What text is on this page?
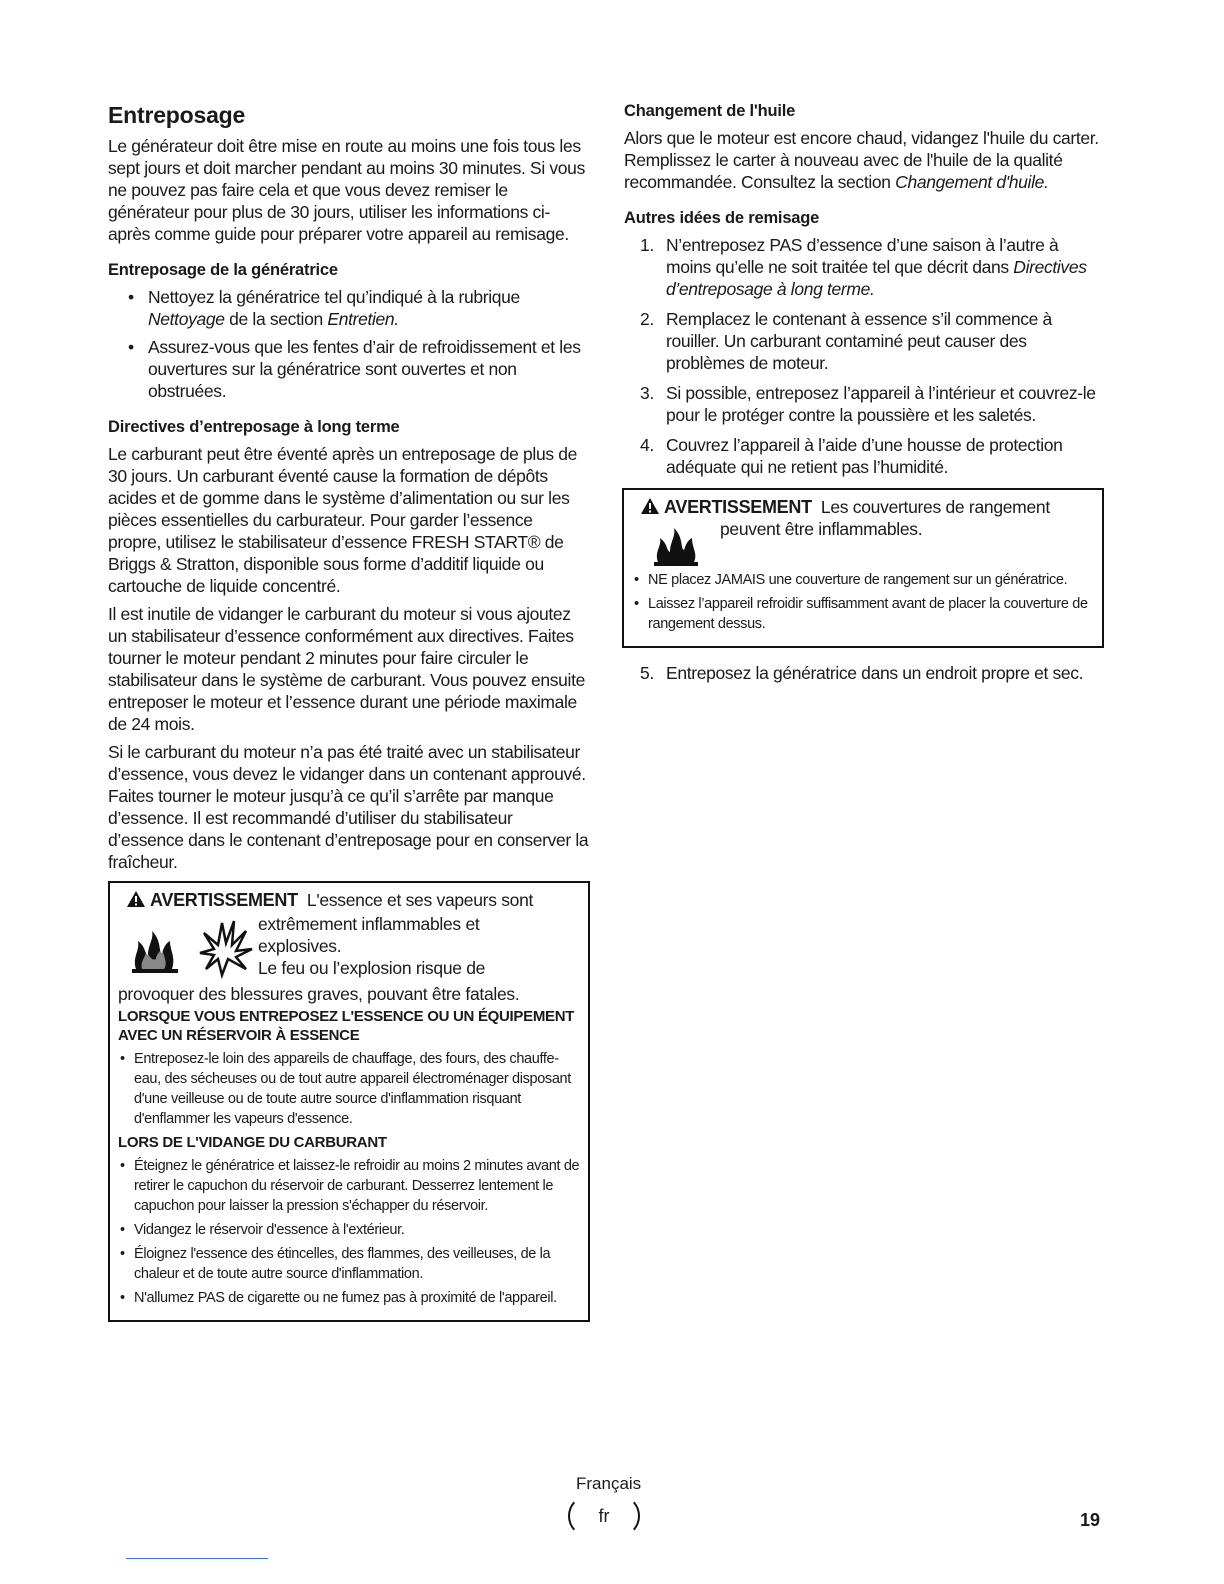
Entreposage

Le générateur doit être mise en route au moins une fois tous les sept jours et doit marcher pendant au moins 30 minutes. Si vous ne pouvez pas faire cela et que vous devez remiser le générateur pour plus de 30 jours, utiliser les informations ci-après comme guide pour préparer votre appareil au remisage.

Entreposage de la génératrice
• Nettoyez la génératrice tel qu’indiqué à la rubrique Nettoyage de la section Entretien.
• Assurez-vous que les fentes d’air de refroidissement et les ouvertures sur la génératrice sont ouvertes et non obstruées.
Directives d’entreposage à long terme

Le carburant peut être éventé après un entreposage de plus de 30 jours. Un carburant éventé cause la formation de dépôts acides et de gomme dans le système d’alimentation ou sur les pièces essentielles du carburateur. Pour garder l’essence propre, utilisez le stabilisateur d’essence FRESH START® de Briggs & Stratton, disponible sous forme d’additif liquide ou cartouche de liquide concentré.

Il est inutile de vidanger le carburant du moteur si vous ajoutez un stabilisateur d’essence conformément aux directives. Faites tourner le moteur pendant 2 minutes pour faire circuler le stabilisateur dans le système de carburant. Vous pouvez ensuite entreposer le moteur et l’essence durant une période maximale de 24 mois.

Si le carburant du moteur n’a pas été traité avec un stabilisateur d’essence, vous devez le vidanger dans un contenant approuvé. Faites tourner le moteur jusqu’à ce qu’il s’arrête par manque d’essence. Il est recommandé d’utiliser du stabilisateur d’essence dans le contenant d’entreposage pour en conserver la fraîcheur.

AVERTISSEMENT L'essence et ses vapeurs sont
extrêmement inflammables et
explosives.
Le feu ou l’explosion risque de
provoquer des blessures graves, pouvant être fatales.
LORSQUE VOUS ENTREPOSEZ L'ESSENCE OU UN ÉQUIPEMENT AVEC UN RÉSERVOIR À ESSENCE
• Entreposez-le loin des appareils de chauffage, des fours, des chauffe-eau, des sécheuses ou de tout autre appareil électroménager disposant d'une veilleuse ou de toute autre source d'inflammation risquant d'enflammer les vapeurs d'essence.
LORS DE L'VIDANGE DU CARBURANT
• Éteignez le génératrice et laissez-le refroidir au moins 2 minutes avant de retirer le capuchon du réservoir de carburant. Desserrez lentement le capuchon pour laisser la pression s'échapper du réservoir.
• Vidangez le réservoir d'essence à l'extérieur.
• Éloignez l'essence des étincelles, des flammes, des veilleuses, de la chaleur et de toute autre source d'inflammation.
• N'allumez PAS de cigarette ou ne fumez pas à proximité de l'appareil.
Changement de l'huile

Alors que le moteur est encore chaud, vidangez l'huile du carter. Remplissez le carter à nouveau avec de l'huile de la qualité recommandée. Consultez la section Changement d'huile.

Autres idées de remisage
1. N’entreposez PAS d’essence d’une saison à l’autre à moins qu’elle ne soit traitée tel que décrit dans Directives d’entreposage à long terme.
2. Remplacez le contenant à essence s’il commence à rouiller. Un carburant contaminé peut causer des problèmes de moteur.
3. Si possible, entreposez l’appareil à l’intérieur et couvrez-le pour le protéger contre la poussière et les saletés.
4. Couvrez l’appareil à l’aide d’une housse de protection adéquate qui ne retient pas l’humidité.
AVERTISSEMENT Les couvertures de rangement
peuvent être inflammables.
• NE placez JAMAIS une couverture de rangement sur un génératrice.
• Laissez l’appareil refroidir suffisamment avant de placer la couverture de rangement dessus.
5. Entreposez la génératrice dans un endroit propre et sec.
Français
fr	19
